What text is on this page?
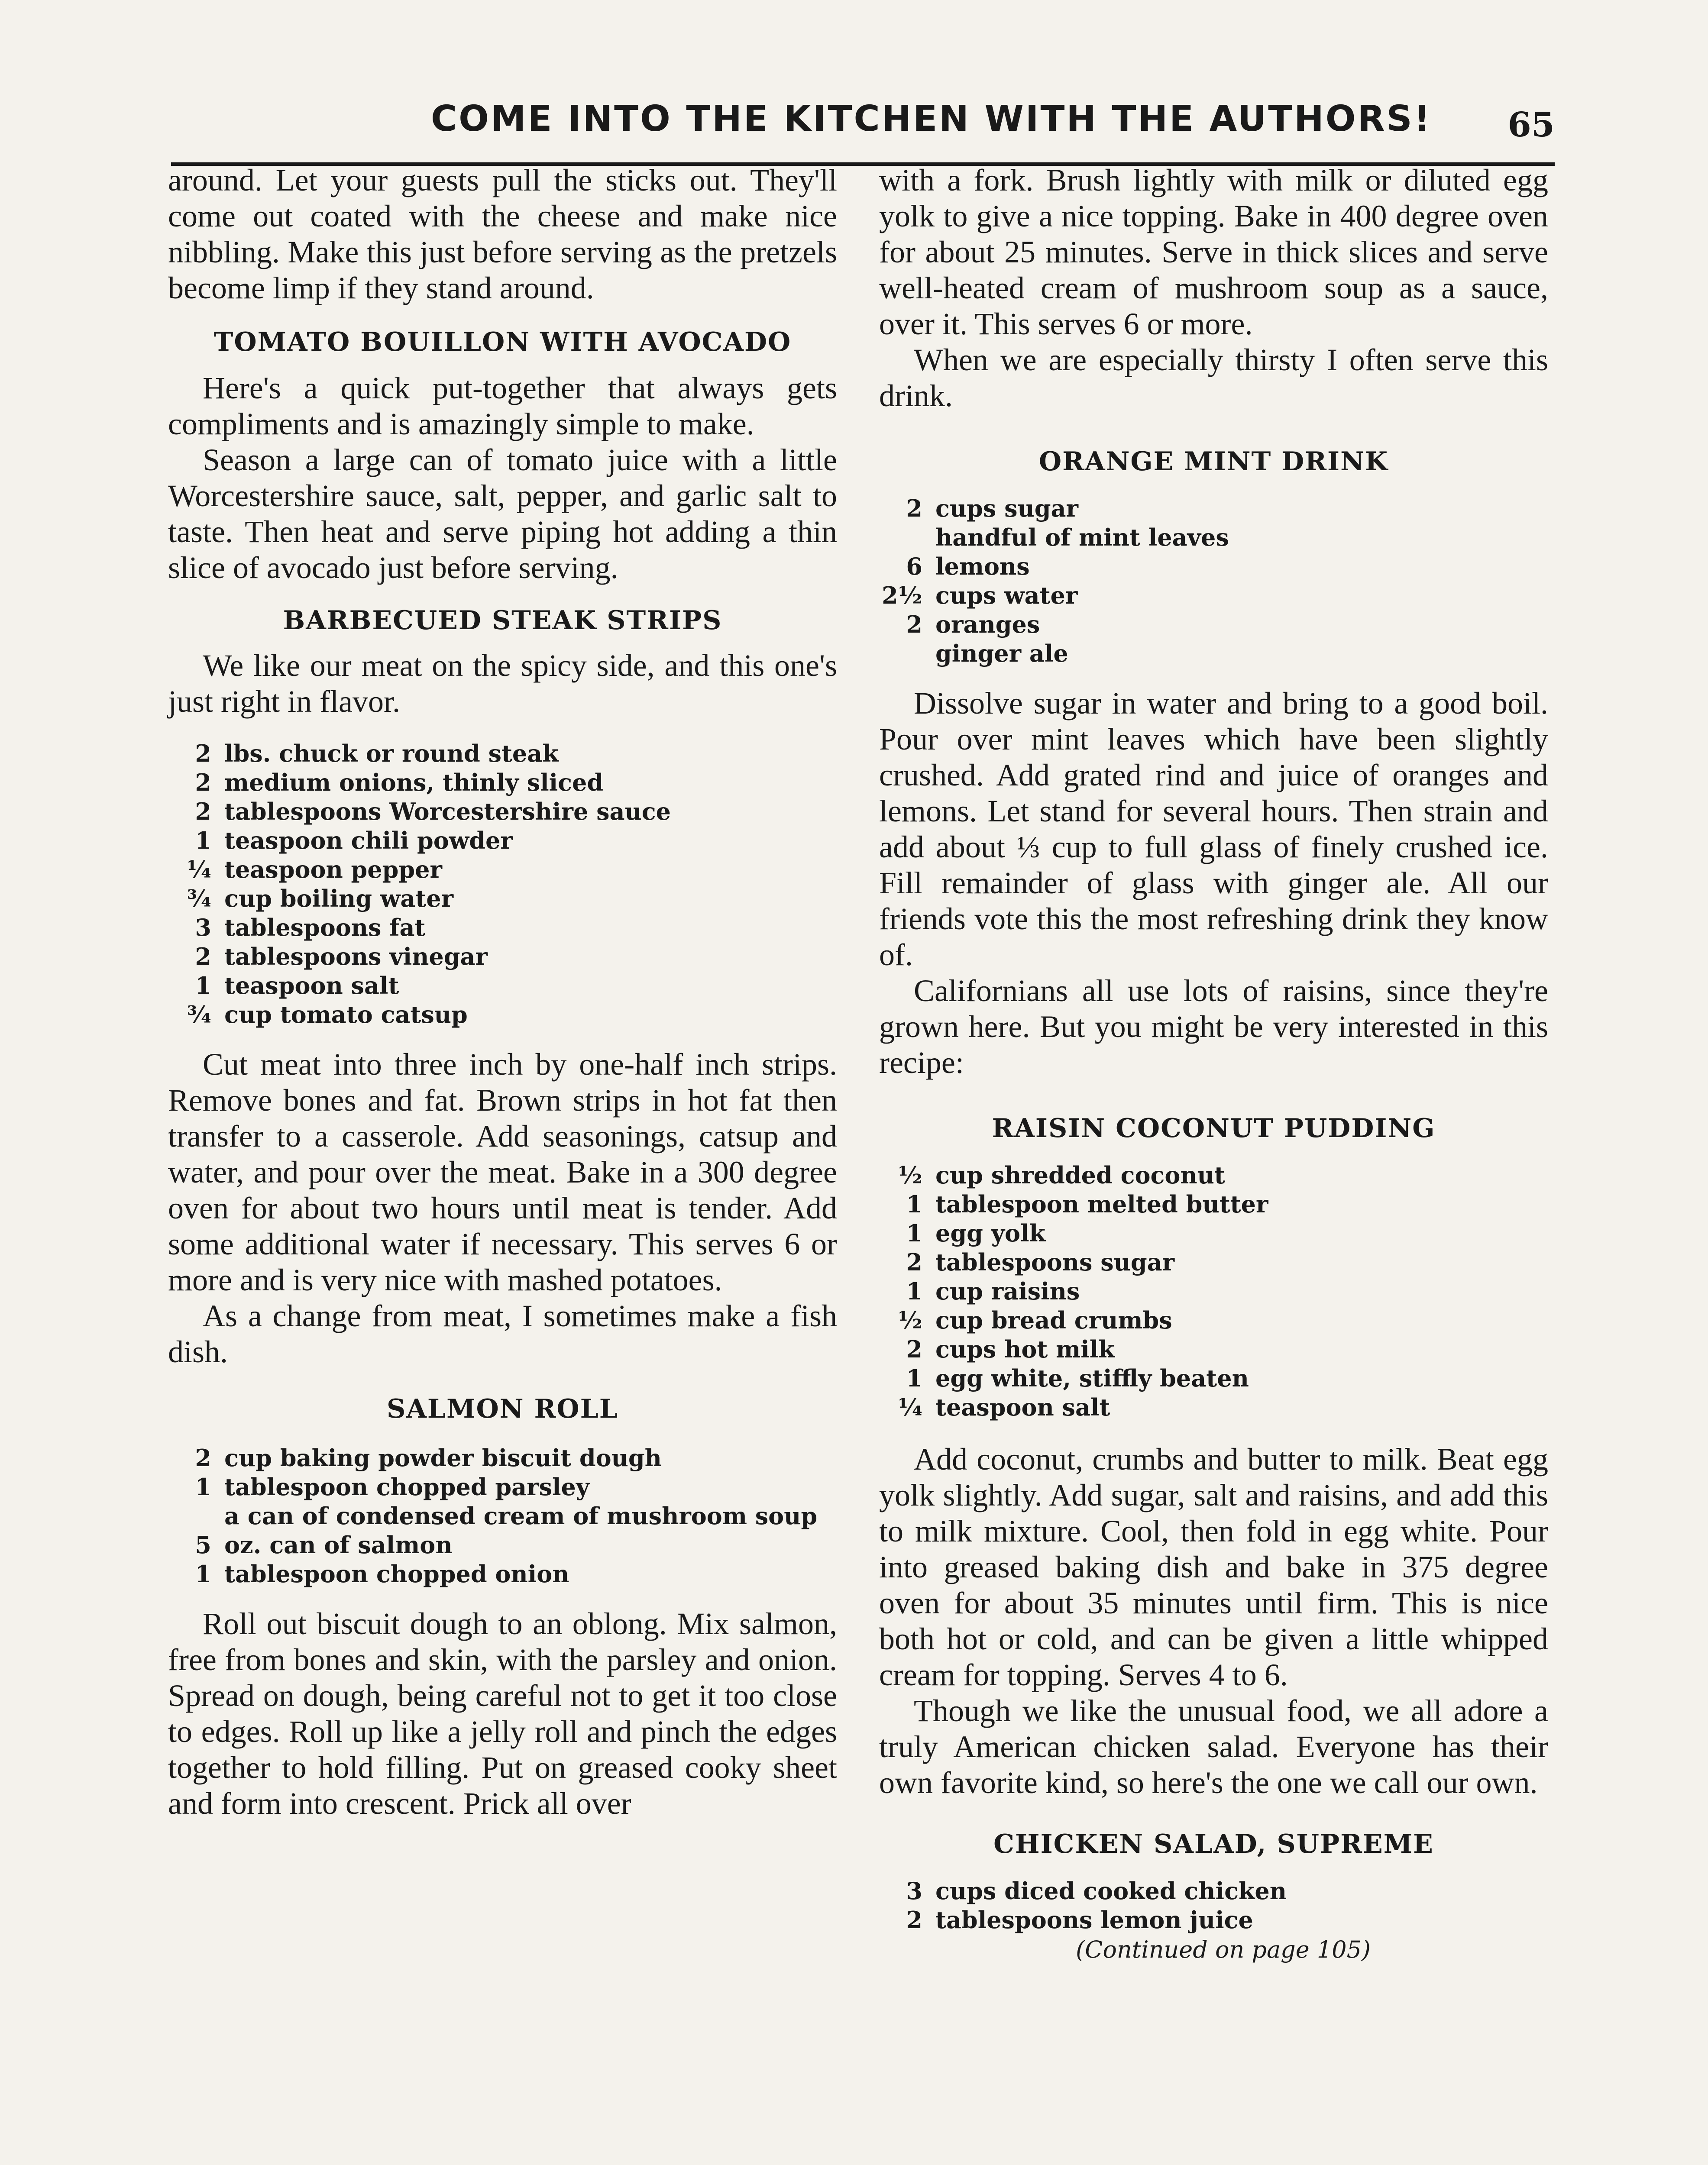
COME INTO THE KITCHEN WITH THE AUTHORS! 65

around. Let your guests pull the sticks out. They'll come out coated with the cheese and make nice nibbling. Make this just before serving as the pretzels become limp if they stand around.

TOMATO BOUILLON WITH AVOCADO

Here's a quick put-together that always gets compliments and is amazingly simple to make.

Season a large can of tomato juice with a little Worcestershire sauce, salt, pepper, and garlic salt to taste. Then heat and serve piping hot adding a thin slice of avocado just before serving.

BARBECUED STEAK STRIPS

We like our meat on the spicy side, and this one's just right in flavor.

2 lbs. chuck or round steak
2 medium onions, thinly sliced
2 tablespoons Worcestershire sauce
1 teaspoon chili powder
¼ teaspoon pepper
¾ cup boiling water
3 tablespoons fat
2 tablespoons vinegar
1 teaspoon salt
¾ cup tomato catsup

Cut meat into three inch by one-half inch strips. Remove bones and fat. Brown strips in hot fat then transfer to a casserole. Add seasonings, catsup and water, and pour over the meat. Bake in a 300 degree oven for about two hours until meat is tender. Add some additional water if necessary. This serves 6 or more and is very nice with mashed potatoes.

As a change from meat, I sometimes make a fish dish.

SALMON ROLL

2 cup baking powder biscuit dough
1 tablespoon chopped parsley
a can of condensed cream of mushroom soup
5 oz. can of salmon
1 tablespoon chopped onion

Roll out biscuit dough to an oblong. Mix salmon, free from bones and skin, with the parsley and onion. Spread on dough, being careful not to get it too close to edges. Roll up like a jelly roll and pinch the edges together to hold filling. Put on greased cooky sheet and form into crescent. Prick all over

with a fork. Brush lightly with milk or diluted egg yolk to give a nice topping. Bake in 400 degree oven for about 25 minutes. Serve in thick slices and serve well-heated cream of mushroom soup as a sauce, over it. This serves 6 or more.

When we are especially thirsty I often serve this drink.

ORANGE MINT DRINK

2 cups sugar
handful of mint leaves
6 lemons
2½ cups water
2 oranges
ginger ale

Dissolve sugar in water and bring to a good boil. Pour over mint leaves which have been slightly crushed. Add grated rind and juice of oranges and lemons. Let stand for several hours. Then strain and add about ⅓ cup to full glass of finely crushed ice. Fill remainder of glass with ginger ale. All our friends vote this the most refreshing drink they know of.

Californians all use lots of raisins, since they're grown here. But you might be very interested in this recipe:

RAISIN COCONUT PUDDING

½ cup shredded coconut
1 tablespoon melted butter
1 egg yolk
2 tablespoons sugar
1 cup raisins
½ cup bread crumbs
2 cups hot milk
1 egg white, stiffly beaten
¼ teaspoon salt

Add coconut, crumbs and butter to milk. Beat egg yolk slightly. Add sugar, salt and raisins, and add this to milk mixture. Cool, then fold in egg white. Pour into greased baking dish and bake in 375 degree oven for about 35 minutes until firm. This is nice both hot or cold, and can be given a little whipped cream for topping. Serves 4 to 6.

Though we like the unusual food, we all adore a truly American chicken salad. Everyone has their own favorite kind, so here's the one we call our own.

CHICKEN SALAD, SUPREME

3 cups diced cooked chicken
2 tablespoons lemon juice
(Continued on page 105)
